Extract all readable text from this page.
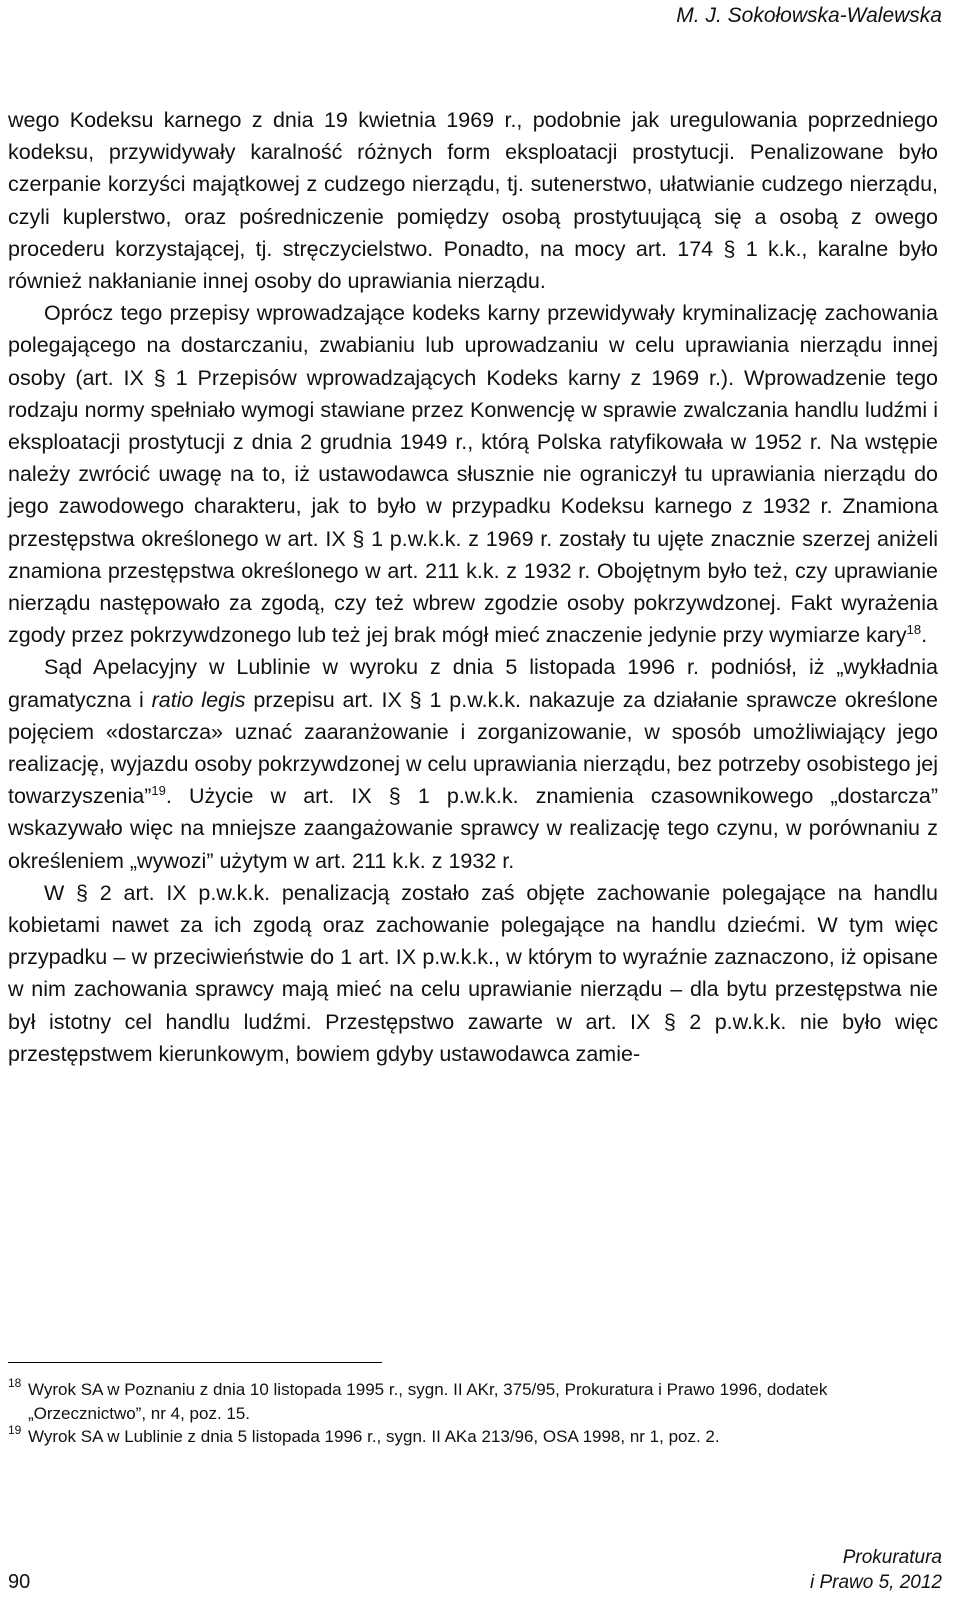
M. J. Sokołowska-Walewska

wego Kodeksu karnego z dnia 19 kwietnia 1969 r., podobnie jak uregulowania poprzedniego kodeksu, przywidywały karalność różnych form eksploatacji prostytucji. Penalizowane było czerpanie korzyści majątkowej z cudzego nierządu, tj. sutenerstwo, ułatwianie cudzego nierządu, czyli kuplerstwo, oraz pośredniczenie pomiędzy osobą prostytuującą się a osobą z owego procederu korzystającej, tj. stręczycielstwo. Ponadto, na mocy art. 174 § 1 k.k., karalne było również nakłanianie innej osoby do uprawiania nierządu.

Oprócz tego przepisy wprowadzające kodeks karny przewidywały kryminalizację zachowania polegającego na dostarczaniu, zwabianiu lub uprowadzaniu w celu uprawiania nierządu innej osoby (art. IX § 1 Przepisów wprowadzających Kodeks karny z 1969 r.). Wprowadzenie tego rodzaju normy spełniało wymogi stawiane przez Konwencję w sprawie zwalczania handlu ludźmi i eksploatacji prostytucji z dnia 2 grudnia 1949 r., którą Polska ratyfikowała w 1952 r. Na wstępie należy zwrócić uwagę na to, iż ustawodawca słusznie nie ograniczył tu uprawiania nierządu do jego zawodowego charakteru, jak to było w przypadku Kodeksu karnego z 1932 r. Znamiona przestępstwa określonego w art. IX § 1 p.w.k.k. z 1969 r. zostały tu ujęte znacznie szerzej aniżeli znamiona przestępstwa określonego w art. 211 k.k. z 1932 r. Obojętnym było też, czy uprawianie nierządu następowało za zgodą, czy też wbrew zgodzie osoby pokrzywdzonej. Fakt wyrażenia zgody przez pokrzywdzonego lub też jej brak mógł mieć znaczenie jedynie przy wymiarze kary$^{18}$.

Sąd Apelacyjny w Lublinie w wyroku z dnia 5 listopada 1996 r. podniósł, iż „wykładnia gramatyczna i ratio legis przepisu art. IX § 1 p.w.k.k. nakazuje za działanie sprawcze określone pojęciem «dostarcza» uznać zaaranżowanie i zorganizowanie, w sposób umożliwiający jego realizację, wyjazdu osoby pokrzywdzonej w celu uprawiania nierządu, bez potrzeby osobistego jej towarzyszenia”$^{19}$. Użycie w art. IX § 1 p.w.k.k. znamienia czasownikowego „dostarcza” wskazywało więc na mniejsze zaangażowanie sprawcy w realizację tego czynu, w porównaniu z określeniem „wywozi” użytym w art. 211 k.k. z 1932 r.

W § 2 art. IX p.w.k.k. penalizacją zostało zaś objęte zachowanie polegające na handlu kobietami nawet za ich zgodą oraz zachowanie polegające na handlu dziećmi. W tym więc przypadku – w przeciwieństwie do 1 art. IX p.w.k.k., w którym to wyraźnie zaznaczono, iż opisane w nim zachowania sprawcy mają mieć na celu uprawianie nierządu – dla bytu przestępstwa nie był istotny cel handlu ludźmi. Przestępstwo zawarte w art. IX § 2 p.w.k.k. nie było więc przestępstwem kierunkowym, bowiem gdyby ustawodawca zamie-

18 Wyrok SA w Poznaniu z dnia 10 listopada 1995 r., sygn. II AKr, 375/95, Prokuratura i Prawo 1996, dodatek „Orzecznictwo”, nr 4, poz. 15.
19 Wyrok SA w Lublinie z dnia 5 listopada 1996 r., sygn. II AKa 213/96, OSA 1998, nr 1, poz. 2.
90
Prokuratura
i Prawo 5, 2012
